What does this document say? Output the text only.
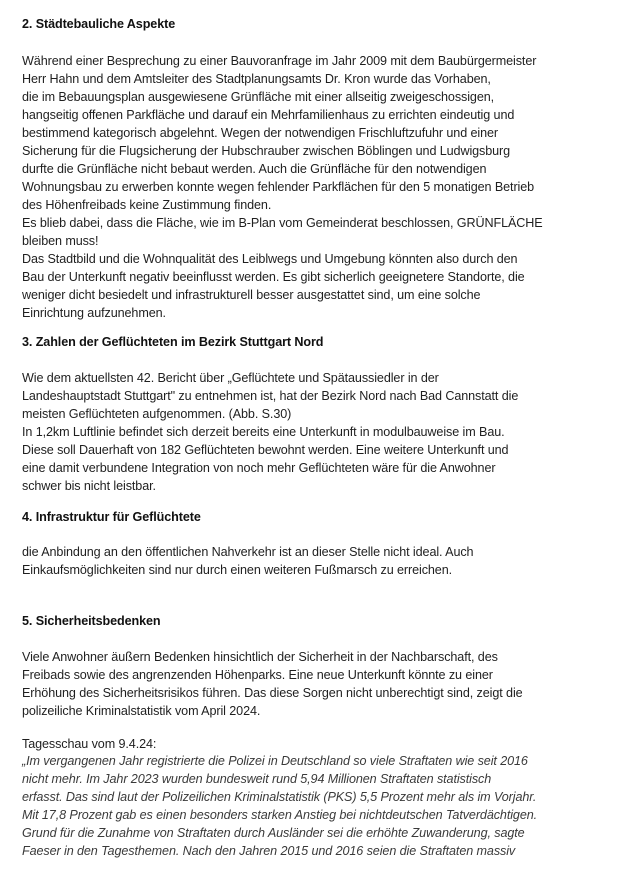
2. Städtebauliche Aspekte
Während einer Besprechung zu einer Bauvoranfrage im Jahr 2009 mit dem Baubürgermeister
Herr Hahn und dem Amtsleiter des Stadtplanungsamts Dr. Kron wurde das Vorhaben,
die im Bebauungsplan ausgewiesene Grünfläche mit einer allseitig zweigeschossigen,
hangseitig offenen Parkfläche und darauf ein Mehrfamilienhaus zu errichten eindeutig und
bestimmend kategorisch abgelehnt. Wegen der notwendigen Frischluftzufuhr und einer
Sicherung für die Flugsicherung der Hubschrauber zwischen Böblingen und Ludwigsburg
durfte die Grünfläche nicht bebaut werden. Auch die Grünfläche für den notwendigen
Wohnungsbau zu erwerben konnte wegen fehlender Parkflächen für den 5 monatigen Betrieb
des Höhenfreibads keine Zustimmung finden.
Es blieb dabei, dass die Fläche, wie im B-Plan vom Gemeinderat beschlossen, GRÜNFLÄCHE
bleiben muss!
Das Stadtbild und die Wohnqualität des Leiblwegs und Umgebung könnten also durch den
Bau der Unterkunft negativ beeinflusst werden. Es gibt sicherlich geeignetere Standorte, die
weniger dicht besiedelt und infrastrukturell besser ausgestattet sind, um eine solche
Einrichtung aufzunehmen.
3. Zahlen der Geflüchteten im Bezirk Stuttgart Nord
Wie dem aktuellsten 42. Bericht über „Geflüchtete und Spätaussiedler in der
Landeshauptstadt Stuttgart" zu entnehmen ist, hat der Bezirk Nord nach Bad Cannstatt die
meisten Geflüchteten aufgenommen. (Abb. S.30)
In 1,2km Luftlinie befindet sich derzeit bereits eine Unterkunft in modulbauweise im Bau.
Diese soll Dauerhaft von 182 Geflüchteten bewohnt werden. Eine weitere Unterkunft und
eine damit verbundene Integration von noch mehr Geflüchteten wäre für die Anwohner
schwer bis nicht leistbar.
4. Infrastruktur für Geflüchtete
die Anbindung an den öffentlichen Nahverkehr ist an dieser Stelle nicht ideal. Auch
Einkaufsmöglichkeiten sind nur durch einen weiteren Fußmarsch zu erreichen.
5. Sicherheitsbedenken
Viele Anwohner äußern Bedenken hinsichtlich der Sicherheit in der Nachbarschaft, des
Freibads sowie des angrenzenden Höhenparks. Eine neue Unterkunft könnte zu einer
Erhöhung des Sicherheitsrisikos führen. Das diese Sorgen nicht unberechtigt sind, zeigt die
polizeiliche Kriminalstatistik vom April 2024.
Tagesschau vom 9.4.24:
„Im vergangenen Jahr registrierte die Polizei in Deutschland so viele Straftaten wie seit 2016
nicht mehr. Im Jahr 2023 wurden bundesweit rund 5,94 Millionen Straftaten statistisch
erfasst. Das sind laut der Polizeilichen Kriminalstatistik (PKS) 5,5 Prozent mehr als im Vorjahr.
Mit 17,8 Prozent gab es einen besonders starken Anstieg bei nichtdeutschen Tatverdächtigen.
Grund für die Zunahme von Straftaten durch Ausländer sei die erhöhte Zuwanderung, sagte
Faeser in den Tagesthemen. Nach den Jahren 2015 und 2016 seien die Straftaten massiv
